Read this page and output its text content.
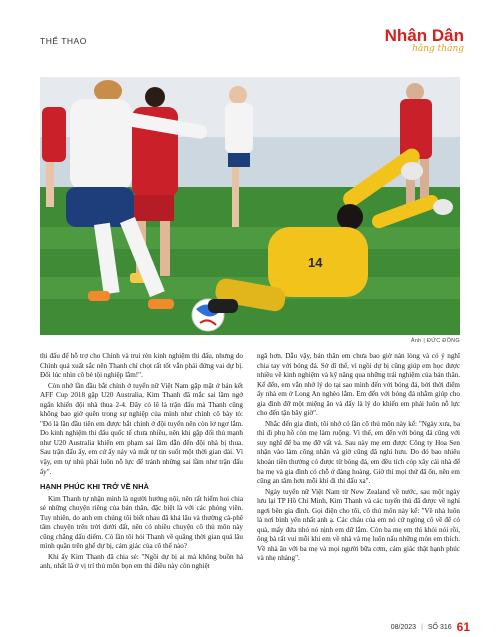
THỂ THAO	Nhân Dân
hằng tháng
14
Ảnh | ĐỨC ĐỒNG

thi đấu để hỗ trợ cho Chình và trui rèn kinh nghiệm thi đấu, nhưng do Chình quá xuất sắc nên Thanh chỉ chọt rất tốt vẫn phải đứng vai dự bị. Đối lúc nhìn cô bé tội nghiệp lắm!".

Còn nhớ lần đầu bắt chính ở tuyển nữ Việt Nam gặp mặt ở bán kết AFF Cup 2018 gặp U20 Australia, Kim Thanh đã mắc sai lầm ngớ ngẩn khiến đội nhà thua 2-4. Đây có lẽ là trận đấu mà Thanh cũng không bao giờ quên trong sự nghiệp của mình như chính cô bày tỏ: "Đó là lần đầu tiên em được bắt chính ở đội tuyển nên còn lơ ngơ lắm. Do kinh nghiệm thi đấu quốc tế chưa nhiều, nên khi gặp đối thủ mạnh như U20 Australia khiến em phạm sai lầm dẫn đến đội nhà bị thua. Sau trận đấu ấy, em cứ ấy náy và mất tự tin suốt một thời gian dài. Vì vậy, em tự nhủ phải luôn nỗ lực để tránh những sai lầm như trận đấu ấy".

HẠNH PHÚC KHI TRỞ VỀ NHÀ

Kim Thanh tự nhận mình là người hướng nội, nên rất hiếm hoi chia sẻ những chuyện riêng của bản thân, đặc biệt là với các phóng viên. Tuy nhiên, do anh em chúng tôi biết nhau đã khá lâu và thường cà-phê tâm chuyện trên trời dưới đất, nên có nhiều chuyện cô thủ môn này cũng chẳng dấu diếm. Có lần tôi hỏi Thanh về quãng thời gian quá lâu mình quần trên ghế dự bị, cảm giác của cô thế nào?

Khi ấy Kim Thanh đã chia sẻ: "Ngồi dự bị ai mà không buồn hả anh, nhất là ở vị trí thủ môn bọn em thì điều này còn nghiệt

ngã hơn. Dẫu vậy, bản thân em chưa bao giờ nản lòng và có ý nghĩ chia tay với bóng đá. Sở dĩ thế, vì ngồi dự bị cũng giúp em học được nhiều về kinh nghiệm và kỹ năng qua những trải nghiệm của bản thân. Kể đến, em vẫn nhớ lý do tại sao mình đến với bóng đá, bởi thời điểm ấy nhà em ở Long An nghèo lắm. Em đến với bóng đá nhằm giúp cho gia đình đỡ một miệng ăn và đấy là lý do khiến em phải luôn nỗ lực cho đến tận bây giờ".

Nhắc đến gia đình, tôi nhớ có lần cô thủ môn này kể: "Ngày xưa, ba thì đi phụ hồ còn mẹ làm ruộng. Vì thế, em đến với bóng đá cũng với suy nghĩ để ba mẹ đỡ vất vả. Sau này mẹ em được Công ty Hoa Sen nhận vào làm công nhân và giờ cũng đã nghỉ hưu. Do đó bao nhiêu khoản tiền thưởng có được từ bóng đá, em đều tích cóp xây cái nhà để ba mẹ và gia đình có chỗ ở đàng hoàng. Giờ thì mọi thứ đã ổn, nên em cũng an tâm hơn mỗi khi đi thi đấu xa".

Ngày tuyển nữ Việt Nam từ New Zealand về nước, sau một ngày lưu lại TP Hồ Chí Minh, Kim Thanh và các tuyển thủ đã được về nghỉ ngơi bên gia đình. Gọi điện cho tôi, cô thủ môn này kể: "Về nhà luôn là nơi bình yên nhất anh ạ. Các cháu của em nó cứ ngóng cô về để có quà, mấy đứa nhỏ nó nịnh em dữ lắm. Còn ba mẹ em thì khỏi nói rồi, ông bà rất vui mỗi khi em về nhà và mẹ luôn nấu những món em thích. Về nhà ăn với ba mẹ và mọi người bữa cơm, cảm giác thật hạnh phúc và nhẹ nhàng".

08/2023 | SỐ 316 61
